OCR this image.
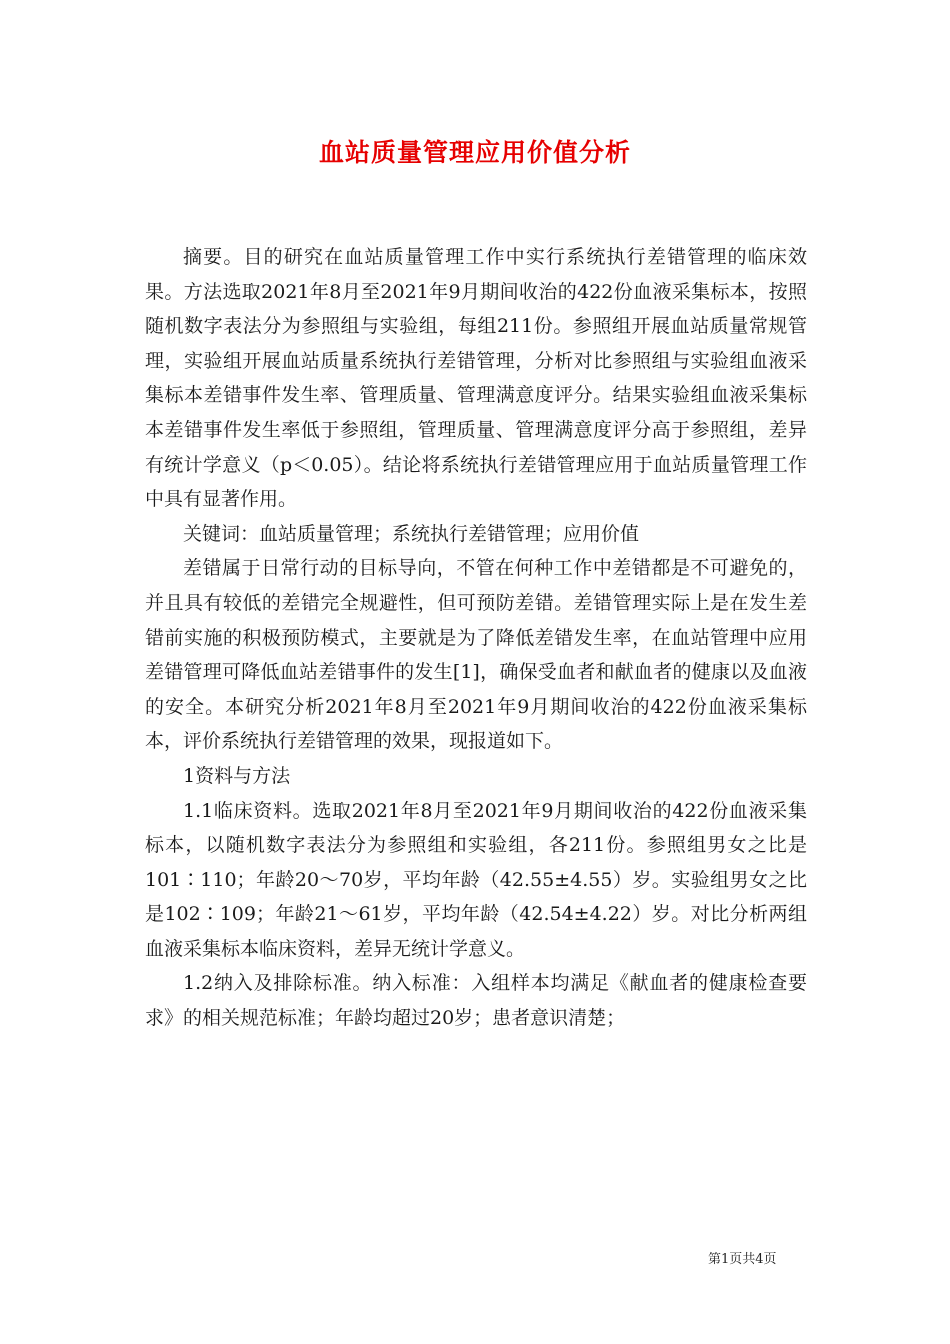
血站质量管理应用价值分析

摘要。目的研究在血站质量管理工作中实行系统执行差错管理的临床效果。方法选取2021年8月至2021年9月期间收治的422份血液采集标本，按照随机数字表法分为参照组与实验组，每组211份。参照组开展血站质量常规管理，实验组开展血站质量系统执行差错管理，分析对比参照组与实验组血液采集标本差错事件发生率、管理质量、管理满意度评分。结果实验组血液采集标本差错事件发生率低于参照组，管理质量、管理满意度评分高于参照组，差异有统计学意义（p＜0.05）。结论将系统执行差错管理应用于血站质量管理工作中具有显著作用。

关键词：血站质量管理；系统执行差错管理；应用价值

差错属于日常行动的目标导向，不管在何种工作中差错都是不可避免的，并且具有较低的差错完全规避性，但可预防差错。差错管理实际上是在发生差错前实施的积极预防模式，主要就是为了降低差错发生率，在血站管理中应用差错管理可降低血站差错事件的发生[1]，确保受血者和献血者的健康以及血液的安全。本研究分析2021年8月至2021年9月期间收治的422份血液采集标本，评价系统执行差错管理的效果，现报道如下。

1资料与方法

1.1临床资料。选取2021年8月至2021年9月期间收治的422份血液采集标本，以随机数字表法分为参照组和实验组，各211份。参照组男女之比是101∶110；年龄20～70岁，平均年龄（42.55±4.55）岁。实验组男女之比是102∶109；年龄21～61岁，平均年龄（42.54±4.22）岁。对比分析两组血液采集标本临床资料，差异无统计学意义。

1.2纳入及排除标准。纳入标准：入组样本均满足《献血者的健康检查要求》的相关规范标准；年龄均超过20岁；患者意识清楚；

第1页共4页
